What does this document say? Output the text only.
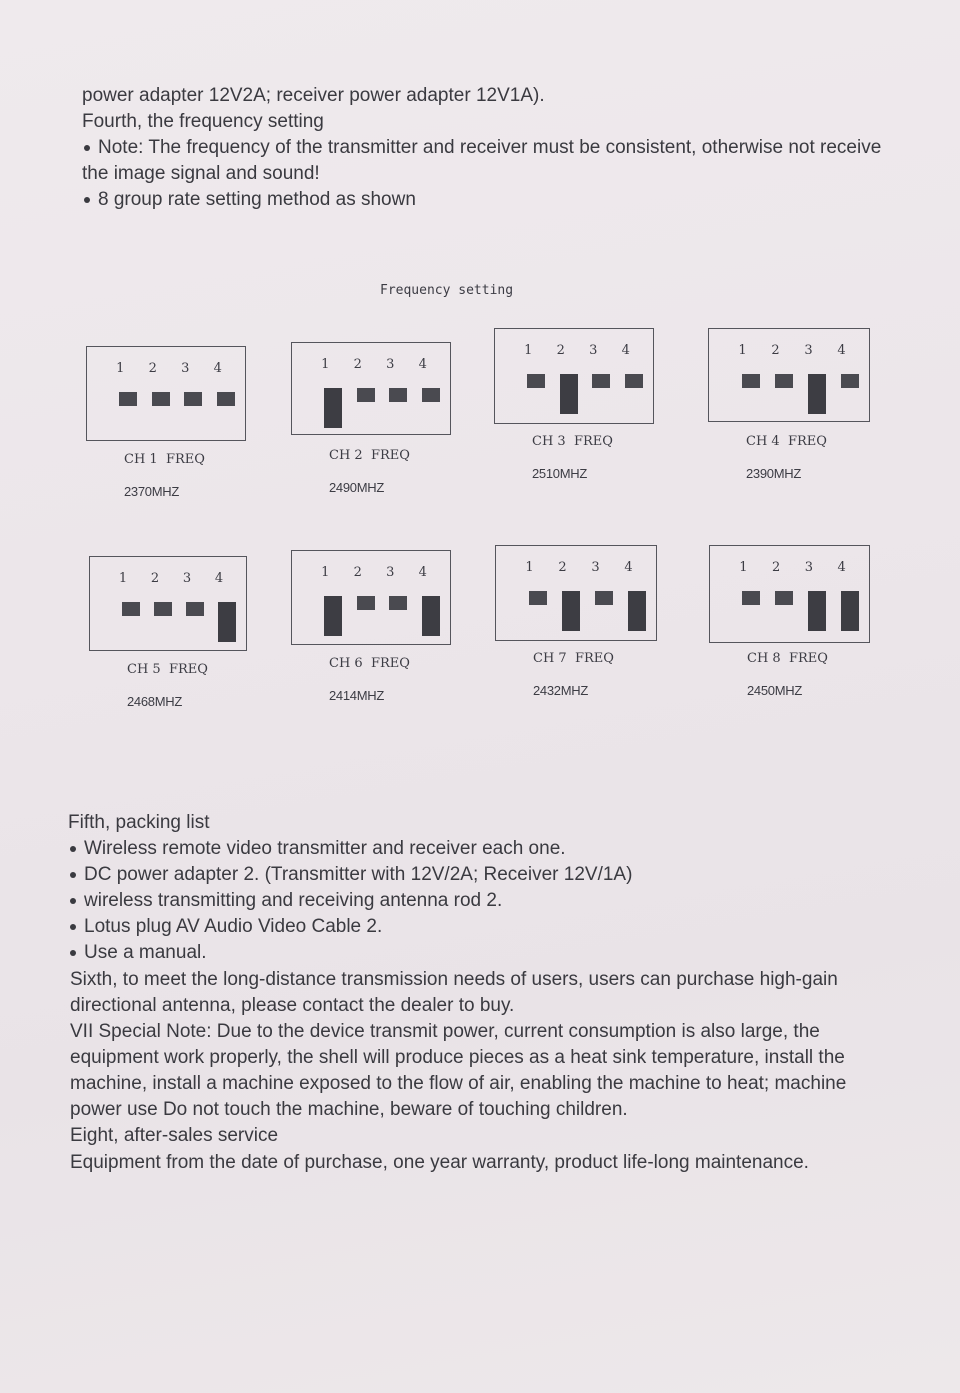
power adapter 12V2A; receiver power adapter 12V1A).
Fourth, the frequency setting
Note: The frequency of the transmitter and receiver must be consistent, otherwise not receive
the image signal and sound!
8 group rate setting method as shown
Frequency setting
1	2	3	4
CH 1  FREQ
2370MHZ
1	2	3	4
CH 2  FREQ
2490MHZ
1	2	3	4
CH 3  FREQ
2510MHZ
1	2	3	4
CH 4  FREQ
2390MHZ
1	2	3	4
CH 5  FREQ
2468MHZ
1	2	3	4
CH 6  FREQ
2414MHZ
1	2	3	4
CH 7  FREQ
2432MHZ
1	2	3	4
CH 8  FREQ
2450MHZ
Fifth, packing list
Wireless remote video transmitter and receiver each one.
DC power adapter 2. (Transmitter with 12V/2A; Receiver 12V/1A)
wireless transmitting and receiving antenna rod 2.
Lotus plug AV Audio Video Cable 2.
Use a manual.
Sixth, to meet the long-distance transmission needs of users, users can purchase high-gain
directional antenna, please contact the dealer to buy.
VII Special Note: Due to the device transmit power, current consumption is also large, the
equipment work properly, the shell will produce pieces as a heat sink temperature, install the
machine, install a machine exposed to the flow of air, enabling the machine to heat; machine
power use Do not touch the machine, beware of touching children.
Eight, after-sales service
Equipment from the date of purchase, one year warranty, product life-long maintenance.
